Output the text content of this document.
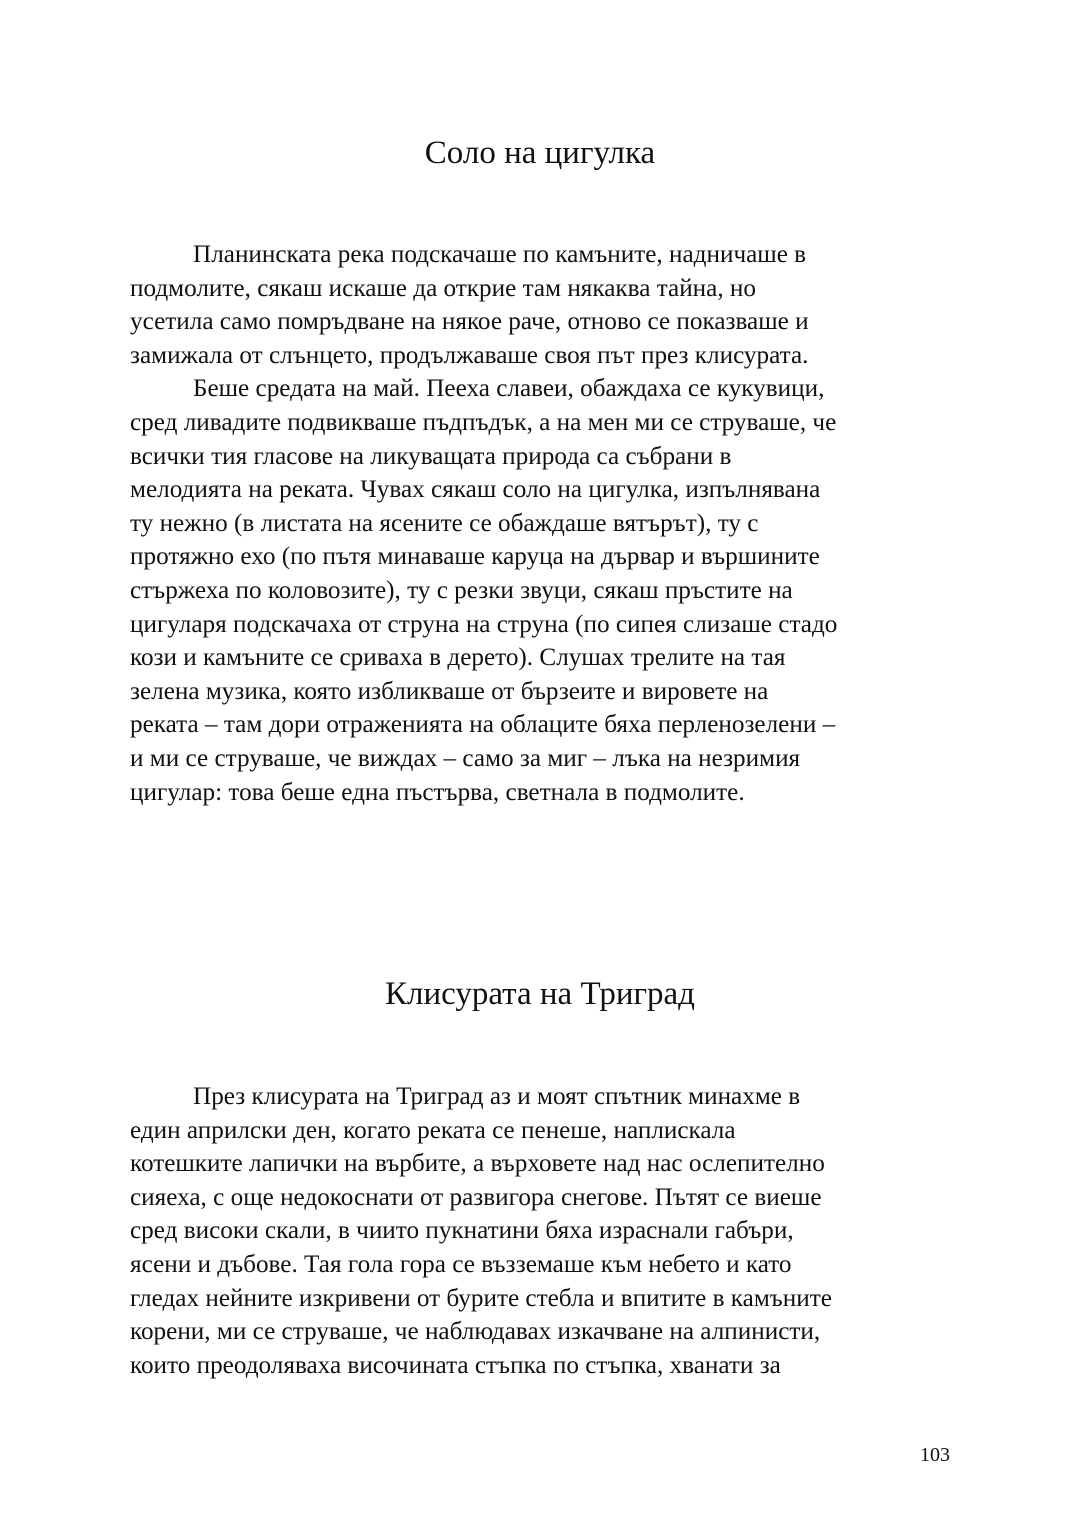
Соло на цигулка
Планинската река подскачаше по камъните, надничаше в
подмолите, сякаш искаше да открие там някаква тайна, но
усетила само помръдване на някое раче, отново се показваше и
замижала от слънцето, продължаваше своя път през клисурата.
Беше средата на май. Пееха славеи, обаждаха се кукувици,
сред ливадите подвикваше пъдпъдък, а на мен ми се струваше, че
всички тия гласове на ликуващата природа са събрани в
мелодията на реката. Чувах сякаш соло на цигулка, изпълнявана
ту нежно (в листата на ясените се обаждаше вятърът), ту с
протяжно ехо (по пътя минаваше каруца на дървар и вършините
стържеха по коловозите), ту с резки звуци, сякаш пръстите на
цигуларя подскачаха от струна на струна (по сипея слизаше стадо
кози и камъните се сриваха в дерето). Слушах трелите на тая
зелена музика, която избликваше от бързеите и вировете на
реката – там дори отраженията на облаците бяха перленозелени –
и ми се струваше, че виждах – само за миг – лъка на незримия
цигулар: това беше една пъстърва, светнала в подмолите.
Клисурата на Триград
През клисурата на Триград аз и моят спътник минахме в
един априлски ден, когато реката се пенеше, наплискала
котешките лапички на върбите, а върховете над нас ослепително
сияеха, с още недокоснати от развигора снегове. Пътят се виеше
сред високи скали, в чиито пукнатини бяха израснали габъри,
ясени и дъбове. Тая гола гора се възземаше към небето и като
гледах нейните изкривени от бурите стебла и впитите в камъните
корени, ми се струваше, че наблюдавах изкачване на алпинисти,
които преодоляваха височината стъпка по стъпка, хванати за
103
